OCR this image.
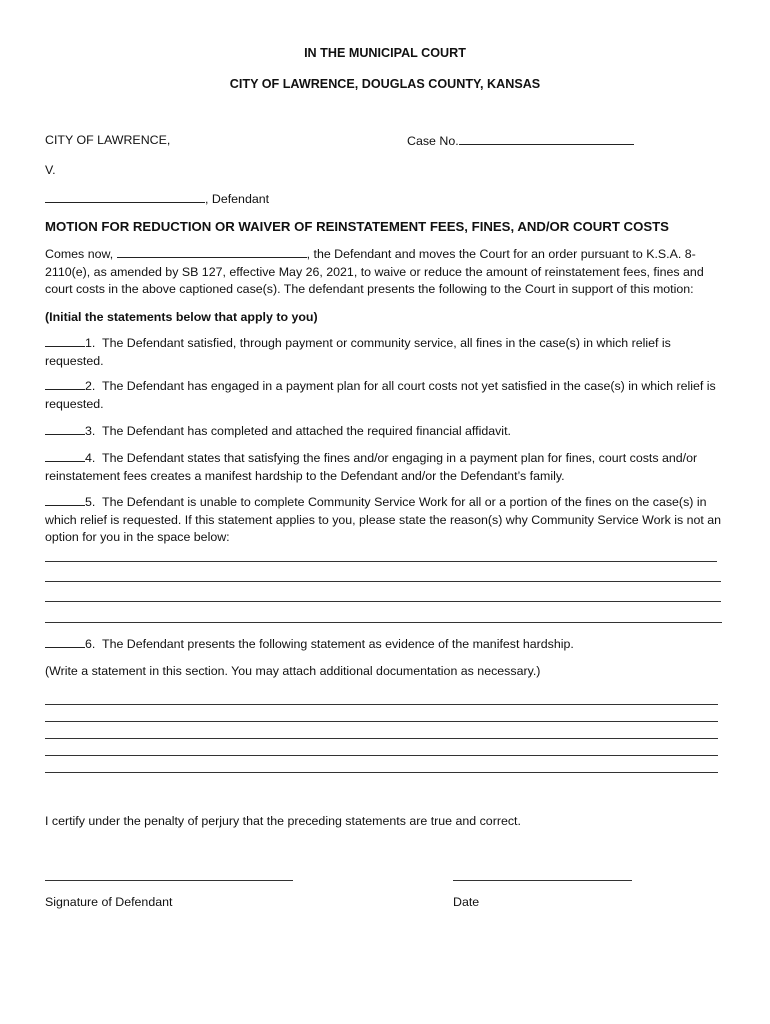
IN THE MUNICIPAL COURT
CITY OF LAWRENCE, DOUGLAS COUNTY, KANSAS
CITY OF LAWRENCE,	Case No.
V.
, Defendant
MOTION FOR REDUCTION OR WAIVER OF REINSTATEMENT FEES, FINES, AND/OR COURT COSTS
Comes now,	, the Defendant and moves the Court for an order pursuant to K.S.A. 8-2110(e), as amended by SB 127, effective May 26, 2021, to waive or reduce the amount of reinstatement fees, fines and court costs in the above captioned case(s). The defendant presents the following to the Court in support of this motion:
(Initial the statements below that apply to you)
1. The Defendant satisfied, through payment or community service, all fines in the case(s) in which relief is requested.
2. The Defendant has engaged in a payment plan for all court costs not yet satisfied in the case(s) in which relief is requested.
3. The Defendant has completed and attached the required financial affidavit.
4. The Defendant states that satisfying the fines and/or engaging in a payment plan for fines, court costs and/or reinstatement fees creates a manifest hardship to the Defendant and/or the Defendant’s family.
5. The Defendant is unable to complete Community Service Work for all or a portion of the fines on the case(s) in which relief is requested. If this statement applies to you, please state the reason(s) why Community Service Work is not an option for you in the space below:
6. The Defendant presents the following statement as evidence of the manifest hardship.
(Write a statement in this section. You may attach additional documentation as necessary.)
I certify under the penalty of perjury that the preceding statements are true and correct.
Signature of Defendant	Date
